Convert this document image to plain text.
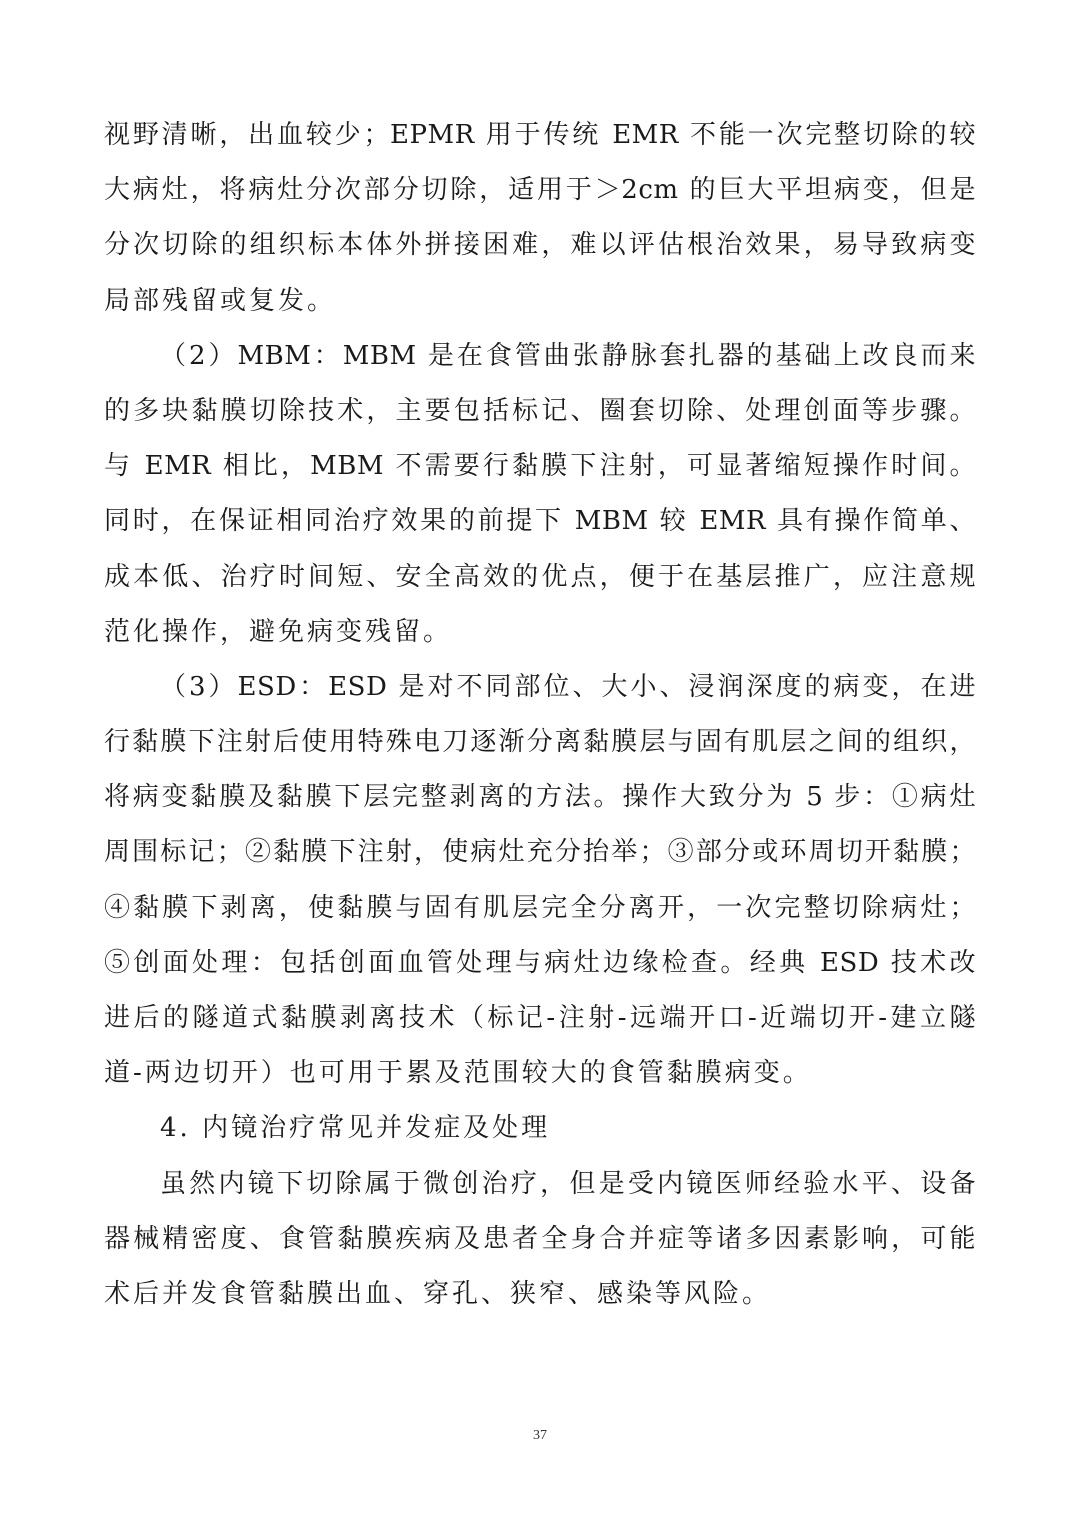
视野清晰，出血较少；EPMR 用于传统 EMR 不能一次完整切除的较
大病灶，将病灶分次部分切除，适用于＞2cm 的巨大平坦病变，但是
分次切除的组织标本体外拼接困难，难以评估根治效果，易导致病变
局部残留或复发。
（2）MBM：MBM 是在食管曲张静脉套扎器的基础上改良而来
的多块黏膜切除技术，主要包括标记、圈套切除、处理创面等步骤。
与 EMR 相比，MBM 不需要行黏膜下注射，可显著缩短操作时间。
同时，在保证相同治疗效果的前提下 MBM 较 EMR 具有操作简单、
成本低、治疗时间短、安全高效的优点，便于在基层推广，应注意规
范化操作，避免病变残留。
（3）ESD：ESD 是对不同部位、大小、浸润深度的病变，在进
行黏膜下注射后使用特殊电刀逐渐分离黏膜层与固有肌层之间的组织，
将病变黏膜及黏膜下层完整剥离的方法。操作大致分为 5 步：①病灶
周围标记；②黏膜下注射，使病灶充分抬举；③部分或环周切开黏膜；
④黏膜下剥离，使黏膜与固有肌层完全分离开，一次完整切除病灶；
⑤创面处理：包括创面血管处理与病灶边缘检查。经典 ESD 技术改
进后的隧道式黏膜剥离技术（标记-注射-远端开口-近端切开-建立隧
道-两边切开）也可用于累及范围较大的食管黏膜病变。
4. 内镜治疗常见并发症及处理
虽然内镜下切除属于微创治疗，但是受内镜医师经验水平、设备
器械精密度、食管黏膜疾病及患者全身合并症等诸多因素影响，可能
术后并发食管黏膜出血、穿孔、狭窄、感染等风险。
37
